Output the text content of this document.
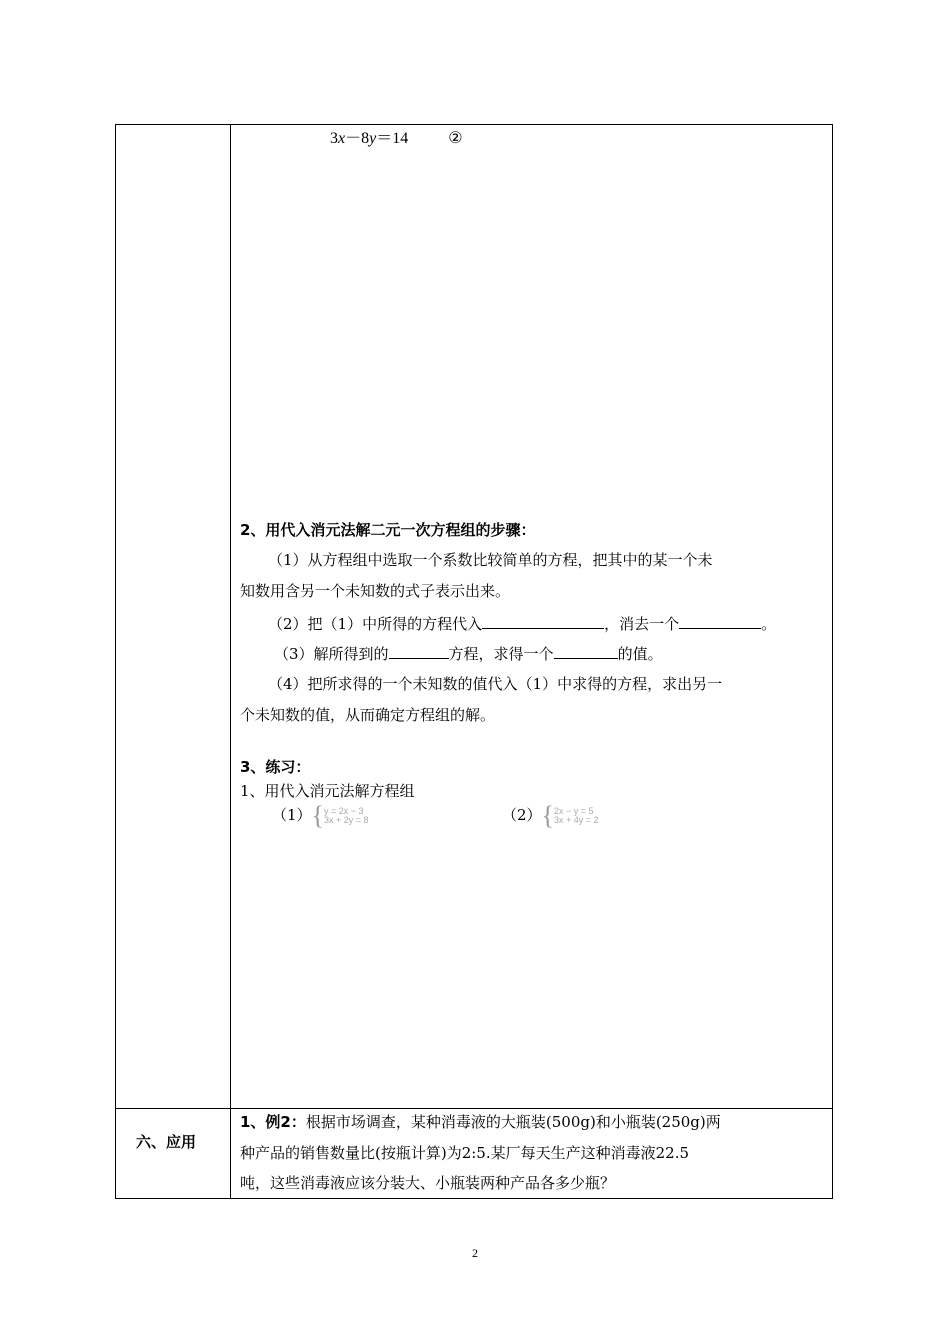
3x－8y＝14	②
2、用代入消元法解二元一次方程组的步骤：
（1）从方程组中选取一个系数比较简单的方程，把其中的某一个未
知数用含另一个未知数的式子表示出来。
（2）把（1）中所得的方程代入	，消去一个	。
（3）解所得到的	方程，求得一个	的值。
（4）把所求得的一个未知数的值代入（1）中求得的方程，求出另一
个未知数的值，从而确定方程组的解。
3、练习：
1、用代入消元法解方程组
（1）{y = 2x − 3
3x + 2y = 8	（2）{2x − y = 5
3x + 4y = 2
六、应用
1、例2：根据市场调查，某种消毒液的大瓶装(500g)和小瓶装(250g)两
种产品的销售数量比(按瓶计算)为2:5.某厂每天生产这种消毒液22.5
吨，这些消毒液应该分装大、小瓶装两种产品各多少瓶？
2
